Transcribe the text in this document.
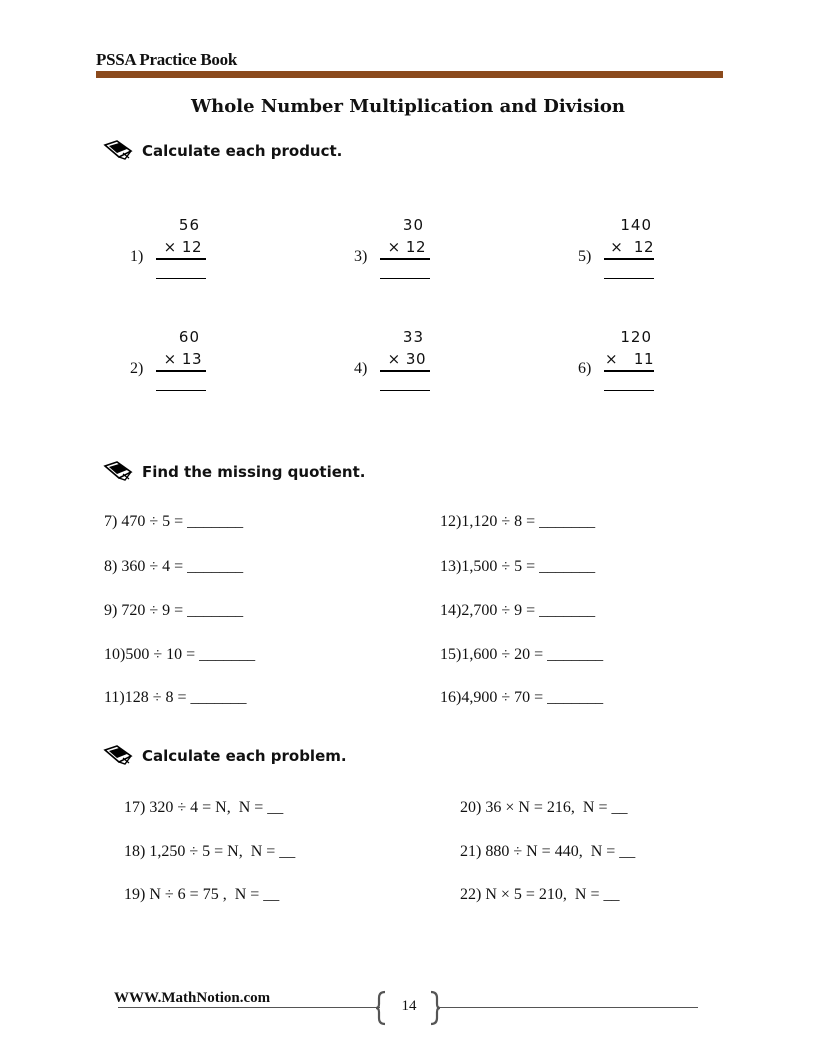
PSSA Practice Book
Whole Number Multiplication and Division
Calculate each product.
56
1)
× 12
60
2)
× 13
30
3)
× 12
33
4)
× 30
140
5)
×  12
120
6)
×   11
Find the missing quotient.
7) 470 ÷ 5 = _______
8) 360 ÷ 4 = _______
9) 720 ÷ 9 = _______
10)500 ÷ 10 = _______
11)128 ÷ 8 = _______
12)1,120 ÷ 8 = _______
13)1,500 ÷ 5 = _______
14)2,700 ÷ 9 = _______
15)1,600 ÷ 20 = _______
16)4,900 ÷ 70 = _______
Calculate each problem.
17) 320 ÷ 4 = N,  N = __
18) 1,250 ÷ 5 = N,  N = __
19) N ÷ 6 = 75 ,  N = __
20) 36 × N = 216,  N = __
21) 880 ÷ N = 440,  N = __
22) N × 5 = 210,  N = __
WWW.MathNotion.com	14
